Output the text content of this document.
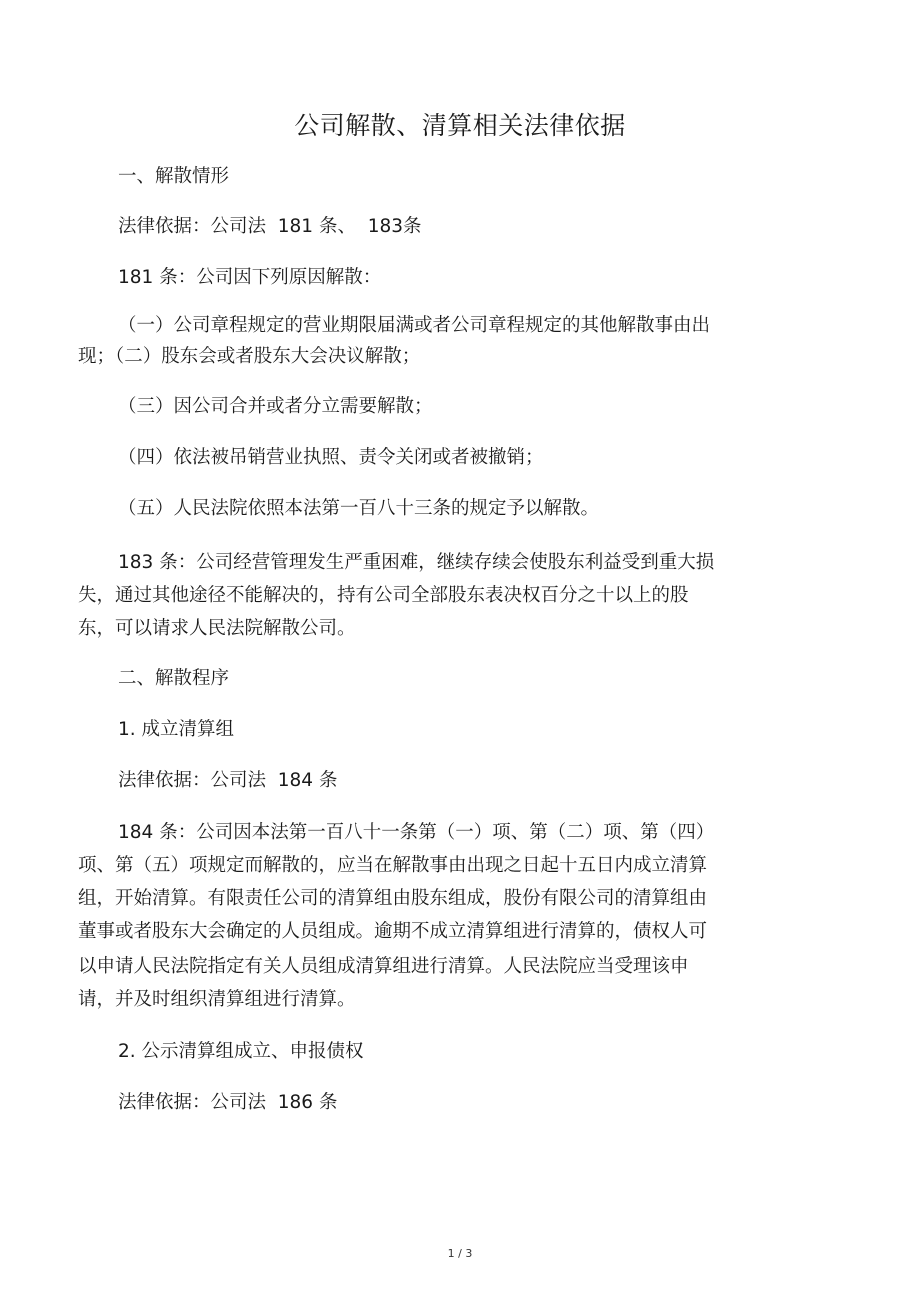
公司解散、清算相关法律依据
一、解散情形
法律依据：公司法  181 条、  183条
181 条：公司因下列原因解散：
（一）公司章程规定的营业期限届满或者公司章程规定的其他解散事由出
现；（二）股东会或者股东大会决议解散；
（三）因公司合并或者分立需要解散；
（四）依法被吊销营业执照、责令关闭或者被撤销；
（五）人民法院依照本法第一百八十三条的规定予以解散。
183 条：公司经营管理发生严重困难，继续存续会使股东利益受到重大损
失，通过其他途径不能解决的，持有公司全部股东表决权百分之十以上的股
东，可以请求人民法院解散公司。
二、解散程序
1. 成立清算组
法律依据：公司法  184 条
184 条：公司因本法第一百八十一条第（一）项、第（二）项、第（四）
项、第（五）项规定而解散的，应当在解散事由出现之日起十五日内成立清算
组，开始清算。有限责任公司的清算组由股东组成，股份有限公司的清算组由
董事或者股东大会确定的人员组成。逾期不成立清算组进行清算的，债权人可
以申请人民法院指定有关人员组成清算组进行清算。人民法院应当受理该申
请，并及时组织清算组进行清算。
2. 公示清算组成立、申报债权
法律依据：公司法  186 条
1 / 3
